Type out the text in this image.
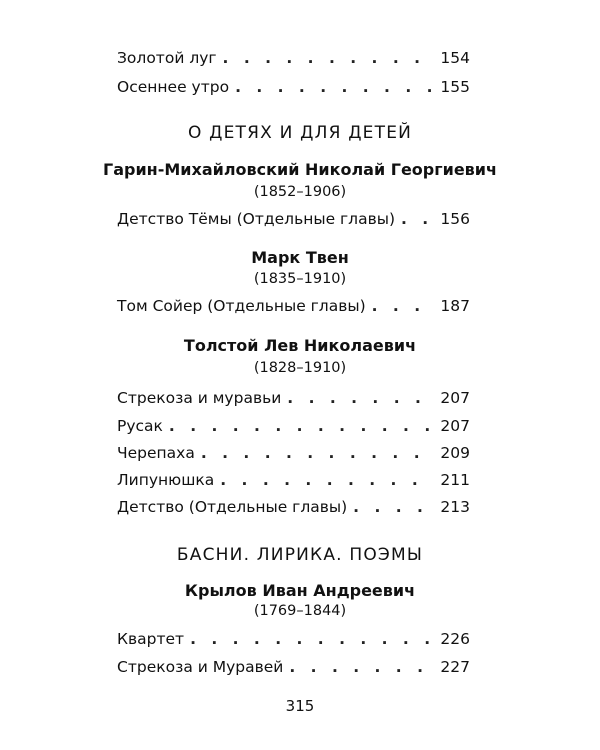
Золотой луг . . .	154
Осеннее утро . . .	155
О ДЕТЯХ И ДЛЯ ДЕТЕЙ
Гарин-Михайловский Николай Георгиевич
(1852–1906)
Детство Тёмы (Отдельные главы) . . .	156
Марк Твен
(1835–1910)
Том Сойер (Отдельные главы) . . .	187
Толстой Лев Николаевич
(1828–1910)
Стрекоза и муравьи . . .	207
Русак . . .	207
Черепаха . . .	209
Липунюшка . . .	211
Детство (Отдельные главы) . . .	213
БАСНИ. ЛИРИКА. ПОЭМЫ
Крылов Иван Андреевич
(1769–1844)
Квартет . . .	226
Стрекоза и Муравей . . .	227
315
